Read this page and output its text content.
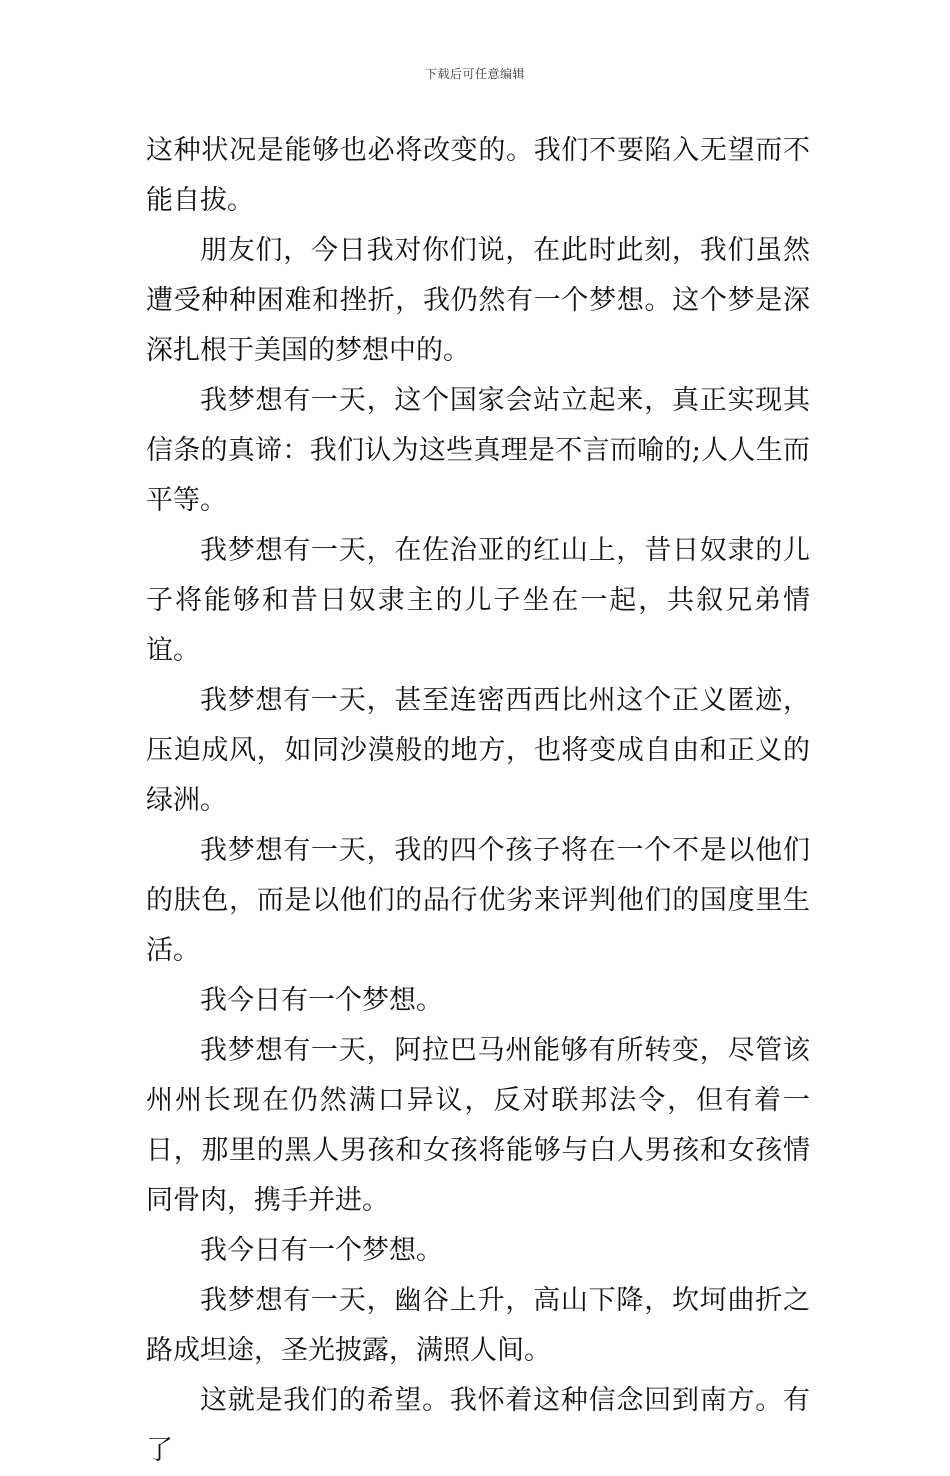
下载后可任意编辑

这种状况是能够也必将改变的。我们不要陷入无望而不能自拔。

朋友们，今日我对你们说，在此时此刻，我们虽然遭受种种困难和挫折，我仍然有一个梦想。这个梦是深深扎根于美国的梦想中的。

我梦想有一天，这个国家会站立起来，真正实现其信条的真谛：我们认为这些真理是不言而喻的;人人生而平等。

我梦想有一天，在佐治亚的红山上，昔日奴隶的儿子将能够和昔日奴隶主的儿子坐在一起，共叙兄弟情谊。

我梦想有一天，甚至连密西西比州这个正义匿迹，压迫成风，如同沙漠般的地方，也将变成自由和正义的绿洲。

我梦想有一天，我的四个孩子将在一个不是以他们的肤色，而是以他们的品行优劣来评判他们的国度里生活。

我今日有一个梦想。

我梦想有一天，阿拉巴马州能够有所转变，尽管该州州长现在仍然满口异议，反对联邦法令，但有着一日，那里的黑人男孩和女孩将能够与白人男孩和女孩情同骨肉，携手并进。

我今日有一个梦想。

我梦想有一天，幽谷上升，高山下降，坎坷曲折之路成坦途，圣光披露，满照人间。

这就是我们的希望。我怀着这种信念回到南方。有了
